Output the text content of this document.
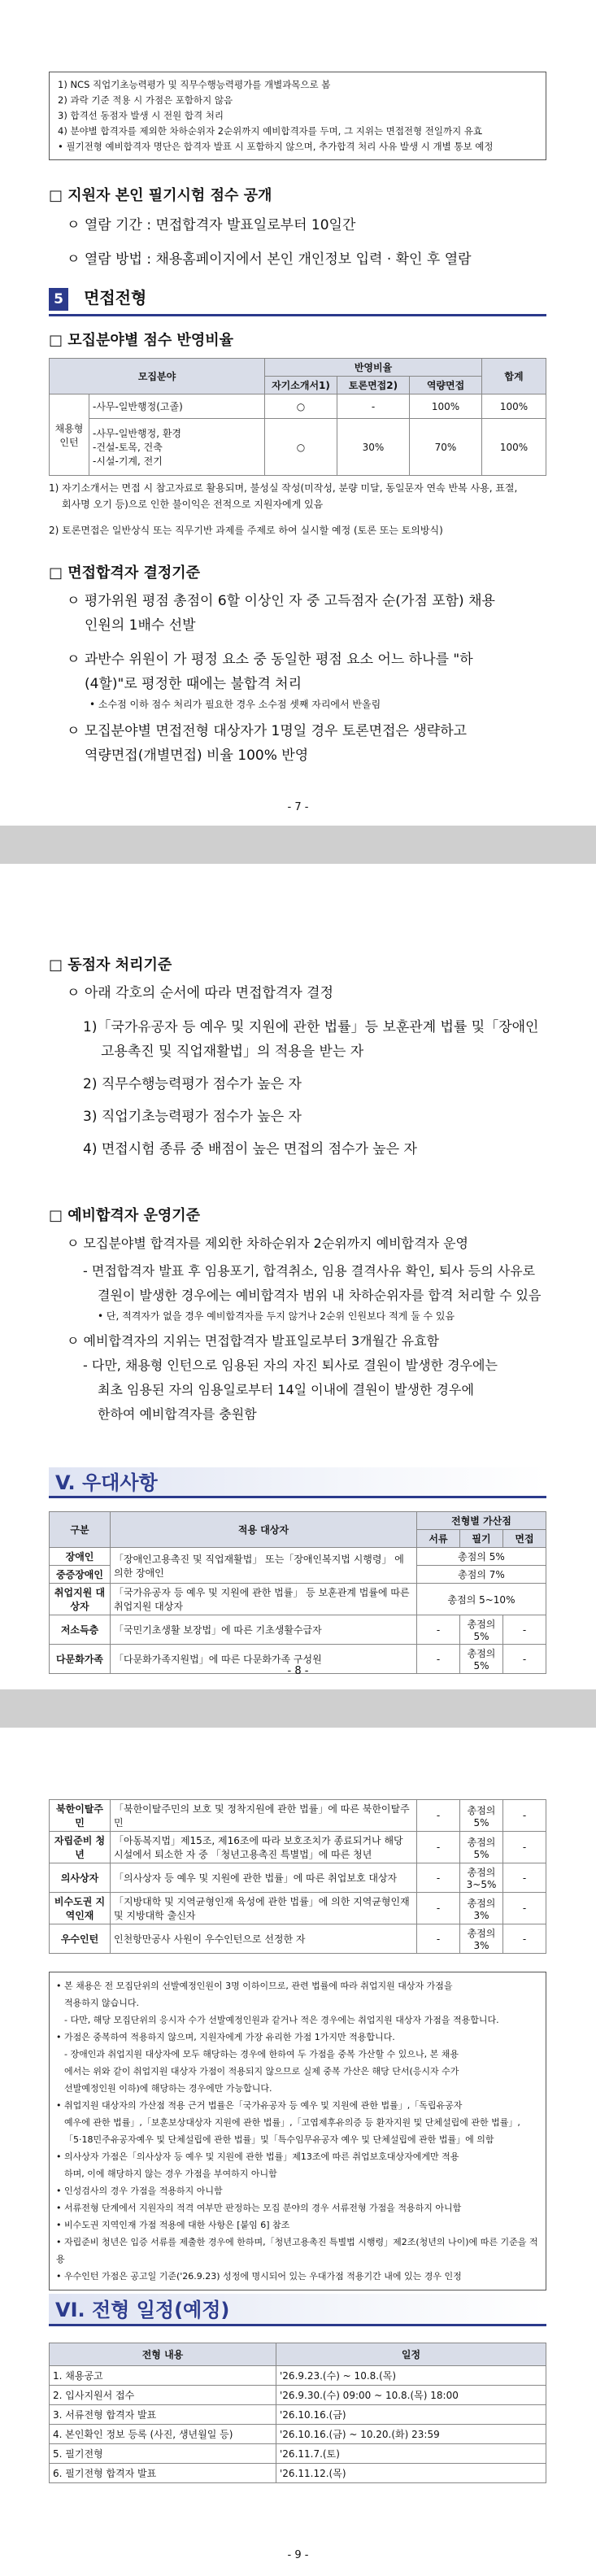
1) NCS 직업기초능력평가 및 직무수행능력평가를 개별과목으로 봄
2) 과락 기준 적용 시 가점은 포함하지 않음
3) 합격선 동점자 발생 시 전원 합격 처리
4) 분야별 합격자를 제외한 차하순위자 2순위까지 예비합격자를 두며, 그 지위는 면접전형 전일까지 유효
• 필기전형 예비합격자 명단은 합격자 발표 시 포함하지 않으며, 추가합격 처리 사유 발생 시 개별 통보 예정
□ 지원자 본인 필기시험 점수 공개
ㅇ 열람 기간 : 면접합격자 발표일로부터 10일간
ㅇ 열람 방법 : 채용홈페이지에서 본인 개인정보 입력 · 확인 후 열람
5 면접전형
□ 모집분야별 점수 반영비율
모집분야		반영비율			합계
		자기소개서1)	토론면접2)	역량면접	
채용형 인턴	-사무-일반행정(고졸)	○	-	100%	100%
	-사무-일반행정, 환경
-건설-토목, 건축
-시설-기계, 전기	○	30%	70%	100%
1) 자기소개서는 면접 시 참고자료로 활용되며, 불성실 작성(미작성, 분량 미달, 동일문자 연속 반복 사용, 표절,
회사명 오기 등)으로 인한 불이익은 전적으로 지원자에게 있음
2) 토론면접은 일반상식 또는 직무기반 과제를 주제로 하여 실시할 예정 (토론 또는 토의방식)
□ 면접합격자 결정기준
ㅇ 평가위원 평점 총점이 6할 이상인 자 중 고득점자 순(가점 포함) 채용
인원의 1배수 선발
ㅇ 과반수 위원이 가 평정 요소 중 동일한 평점 요소 어느 하나를 "하
(4할)"로 평정한 때에는 불합격 처리
• 소수점 이하 점수 처리가 필요한 경우 소수점 셋째 자리에서 반올림
ㅇ 모집분야별 면접전형 대상자가 1명일 경우 토론면접은 생략하고
역량면접(개별면접) 비율 100% 반영
- 7 -
□ 동점자 처리기준
ㅇ 아래 각호의 순서에 따라 면접합격자 결정
1)「국가유공자 등 예우 및 지원에 관한 법률」등 보훈관계 법률 및「장애인
고용촉진 및 직업재활법」의 적용을 받는 자
2) 직무수행능력평가 점수가 높은 자
3) 직업기초능력평가 점수가 높은 자
4) 면접시험 종류 중 배점이 높은 면접의 점수가 높은 자
□ 예비합격자 운영기준
ㅇ 모집분야별 합격자를 제외한 차하순위자 2순위까지 예비합격자 운영
- 면접합격자 발표 후 임용포기, 합격취소, 임용 결격사유 확인, 퇴사 등의 사유로
결원이 발생한 경우에는 예비합격자 범위 내 차하순위자를 합격 처리할 수 있음
• 단, 적격자가 없을 경우 예비합격자를 두지 않거나 2순위 인원보다 적게 둘 수 있음
ㅇ 예비합격자의 지위는 면접합격자 발표일로부터 3개월간 유효함
- 다만, 채용형 인턴으로 임용된 자의 자진 퇴사로 결원이 발생한 경우에는
최초 임용된 자의 임용일로부터 14일 이내에 결원이 발생한 경우에
한하여 예비합격자를 충원함
V. 우대사항
구분	적용 대상자	전형별 가산점		
		서류	필기	면접
장애인	「장애인고용촉진 및 직업재활법」 또는「장애인복지법 시행령」 에 의한 장애인	총점의 5%		
중증장애인		총점의 7%		
취업지원 대상자	「국가유공자 등 예우 및 지원에 관한 법률」 등 보훈관계 법률에 따른 취업지원 대상자	총점의 5~10%		
저소득층	「국민기초생활 보장법」에 따른 기초생활수급자	-	총점의 5%	-
다문화가족	「다문화가족지원법」에 따른 다문화가족 구성원	-	총점의 5%	-
- 8 -
북한이탈주민	「북한이탈주민의 보호 및 정착지원에 관한 법률」에 따른 북한이탈주민	-	총점의 5%	-
자립준비 청년	「아동복지법」제15조, 제16조에 따라 보호조치가 종료되거나 해당 시설에서 퇴소한 자 중 「청년고용촉진 특별법」에 따른 청년	-	총점의 5%	-
의사상자	「의사상자 등 예우 및 지원에 관한 법률」에 따른 취업보호 대상자	-	총점의 3~5%	-
비수도권 지역인재	「지방대학 및 지역균형인재 육성에 관한 법률」에 의한 지역균형인재 및 지방대학 출신자	-	총점의 3%	-
우수인턴	인천항만공사 사원이 우수인턴으로 선정한 자	-	총점의 3%	-
• 본 채용은 전 모집단위의 선발예정인원이 3명 이하이므로, 관련 법률에 따라 취업지원 대상자 가점을
적용하지 않습니다.
- 다만, 해당 모집단위의 응시자 수가 선발예정인원과 같거나 적은 경우에는 취업지원 대상자 가점을 적용합니다.
• 가점은 중복하여 적용하지 않으며, 지원자에게 가장 유리한 가점 1가지만 적용합니다.
- 장애인과 취업지원 대상자에 모두 해당하는 경우에 한하여 두 가점을 중복 가산할 수 있으나, 본 채용
에서는 위와 같이 취업지원 대상자 가점이 적용되지 않으므로 실제 중복 가산은 해당 단서(응시자 수가
선발예정인원 이하)에 해당하는 경우에만 가능합니다.
• 취업지원 대상자의 가산점 적용 근거 법률은「국가유공자 등 예우 및 지원에 관한 법률」,「독립유공자
예우에 관한 법률」,「보훈보상대상자 지원에 관한 법률」,「고엽제후유의증 등 환자지원 및 단체설립에 관한 법률」,
「5·18민주유공자예우 및 단체설립에 관한 법률」및「특수임무유공자 예우 및 단체설립에 관한 법률」에 의함
• 의사상자 가점은「의사상자 등 예우 및 지원에 관한 법률」제13조에 따른 취업보호대상자에게만 적용
하며, 이에 해당하지 않는 경우 가점을 부여하지 아니함
• 인성검사의 경우 가점을 적용하지 아니함
• 서류전형 단계에서 지원자의 적격 여부만 판정하는 모집 분야의 경우 서류전형 가점을 적용하지 아니함
• 비수도권 지역인재 가점 적용에 대한 사항은 [붙임 6] 참조
• 자립준비 청년은 입증 서류를 제출한 경우에 한하며,「청년고용촉진 특별법 시행령」제2조(청년의 나이)에 따른 기준을 적용
• 우수인턴 가점은 공고일 기준('26.9.23) 성정에 명시되어 있는 우대가점 적용기간 내에 있는 경우 인정
VI. 전형 일정(예정)
전형 내용	일정
1. 채용공고	'26.9.23.(수) ~ 10.8.(목)
2. 입사지원서 접수	'26.9.30.(수) 09:00 ~ 10.8.(목) 18:00
3. 서류전형 합격자 발표	'26.10.16.(금)
4. 본인확인 정보 등록 (사진, 생년월일 등)	'26.10.16.(금) ~ 10.20.(화) 23:59
5. 필기전형	'26.11.7.(토)
6. 필기전형 합격자 발표	'26.11.12.(목)
- 9 -
